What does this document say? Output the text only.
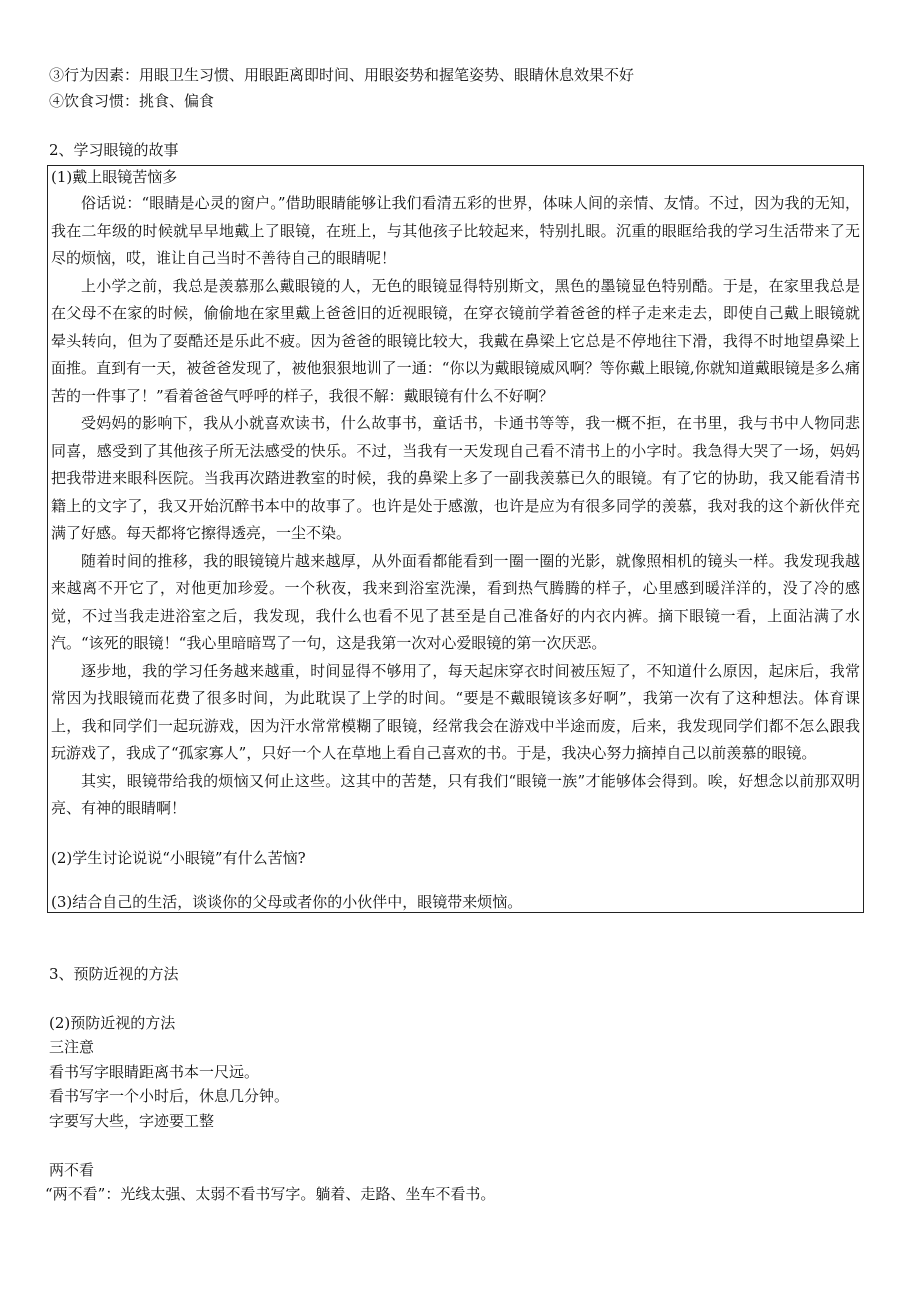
③行为因素：用眼卫生习惯、用眼距离即时间、用眼姿势和握笔姿势、眼睛休息效果不好
④饮食习惯：挑食、偏食
2、学习眼镜的故事
(1)戴上眼镜苦恼多

俗话说：“眼睛是心灵的窗户。”借助眼睛能够让我们看清五彩的世界，体味人间的亲情、友情。不过，因为我的无知，我在二年级的时候就早早地戴上了眼镜，在班上，与其他孩子比较起来，特别扎眼。沉重的眼眶给我的学习生活带来了无尽的烦恼，哎，谁让自己当时不善待自己的眼睛呢！

上小学之前，我总是羡慕那么戴眼镜的人，无色的眼镜显得特别斯文，黑色的墨镜显色特别酷。于是，在家里我总是在父母不在家的时候，偷偷地在家里戴上爸爸旧的近视眼镜，在穿衣镜前学着爸爸的样子走来走去，即使自己戴上眼镜就晕头转向，但为了耍酷还是乐此不疲。因为爸爸的眼镜比较大，我戴在鼻梁上它总是不停地往下滑，我得不时地望鼻梁上面推。直到有一天，被爸爸发现了，被他狠狠地训了一通：“你以为戴眼镜威风啊？等你戴上眼镜,你就知道戴眼镜是多么痛苦的一件事了！”看着爸爸气呼呼的样子，我很不解：戴眼镜有什么不好啊？

受妈妈的影响下，我从小就喜欢读书，什么故事书，童话书，卡通书等等，我一概不拒，在书里，我与书中人物同悲同喜，感受到了其他孩子所无法感受的快乐。不过，当我有一天发现自己看不清书上的小字时。我急得大哭了一场，妈妈把我带进来眼科医院。当我再次踏进教室的时候，我的鼻梁上多了一副我羡慕已久的眼镜。有了它的协助，我又能看清书籍上的文字了，我又开始沉醉书本中的故事了。也许是处于感激，也许是应为有很多同学的羡慕，我对我的这个新伙伴充满了好感。每天都将它擦得透亮，一尘不染。

随着时间的推移，我的眼镜镜片越来越厚，从外面看都能看到一圈一圈的光影，就像照相机的镜头一样。我发现我越来越离不开它了，对他更加珍爱。一个秋夜，我来到浴室洗澡，看到热气腾腾的样子，心里感到暖洋洋的，没了冷的感觉，不过当我走进浴室之后，我发现，我什么也看不见了甚至是自己准备好的内衣内裤。摘下眼镜一看，上面沾满了水汽。“该死的眼镜！“我心里暗暗骂了一句，这是我第一次对心爱眼镜的第一次厌恶。

逐步地，我的学习任务越来越重，时间显得不够用了，每天起床穿衣时间被压短了，不知道什么原因，起床后，我常常因为找眼镜而花费了很多时间，为此耽误了上学的时间。“要是不戴眼镜该多好啊”，我第一次有了这种想法。体育课上，我和同学们一起玩游戏，因为汗水常常模糊了眼镜，经常我会在游戏中半途而废，后来，我发现同学们都不怎么跟我玩游戏了，我成了“孤家寡人”，只好一个人在草地上看自己喜欢的书。于是，我决心努力摘掉自己以前羡慕的眼镜。

其实，眼镜带给我的烦恼又何止这些。这其中的苦楚，只有我们“眼镜一族”才能够体会得到。唉，好想念以前那双明亮、有神的眼睛啊！

(2)学生讨论说说“小眼镜”有什么苦恼?
(3)结合自己的生活，谈谈你的父母或者你的小伙伴中，眼镜带来烦恼。
3、预防近视的方法
(2)预防近视的方法
三注意
看书写字眼睛距离书本一尺远。
看书写字一个小时后，休息几分钟。
字要写大些，字迹要工整
两不看
“两不看”：光线太强、太弱不看书写字。躺着、走路、坐车不看书。
